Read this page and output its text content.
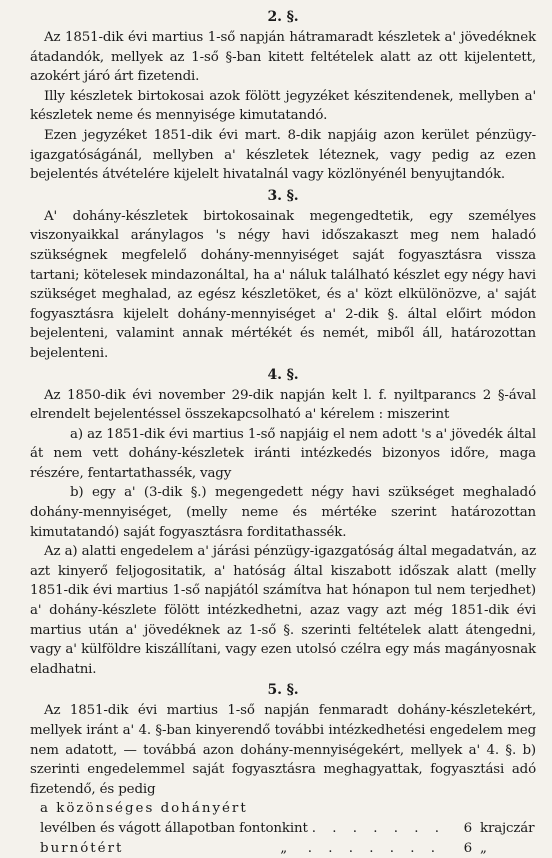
2. §.

Az 1851-dik évi martius 1-ső napján hátramaradt készletek a' jövedéknek átadandók, mellyek az 1-ső §-ban kitett feltételek alatt az ott kijelentett, azokért járó árt fizetendi.

Illy készletek birtokosai azok fölött jegyzéket készitendenek, mellyben a' készletek neme és mennyisége kimutatandó.

Ezen jegyzéket 1851-dik évi mart. 8-dik napjáig azon kerület pénzügy-igazgatóságánál, mellyben a' készletek léteznek, vagy pedig az ezen bejelentés átvételére kijelelt hivatalnál vagy közlönyénél benyujtandók.

3. §.

A' dohány-készletek birtokosainak megengedtetik, egy személyes viszonyaikkal aránylagos 's négy havi időszakaszt meg nem haladó szükségnek megfelelő dohány-mennyiséget saját fogyasztásra vissza tartani; kötelesek mindazonáltal, ha a' náluk található készlet egy négy havi szükséget meghalad, az egész készletöket, és a' közt elkülönözve, a' saját fogyasztásra kijelelt dohány-mennyiséget a' 2-dik §. által előirt módon bejelenteni, valamint annak mértékét és nemét, miből áll, határozottan bejelenteni.

4. §.

Az 1850-dik évi november 29-dik napján kelt l. f. nyiltparancs 2 §-ával elrendelt bejelentéssel összekapcsolható a' kérelem : miszerint

a) az 1851-dik évi martius 1-ső napjáig el nem adott 's a' jövedék által át nem vett dohány-készletek iránti intézkedés bizonyos időre, maga részére, fentartathassék, vagy

b) egy a' (3-dik §.) megengedett négy havi szükséget meghaladó dohány-mennyiséget, (melly neme és mértéke szerint határozottan kimutatandó) saját fogyasztásra forditathassék.

Az a) alatti engedelem a' járási pénzügy-igazgatóság által megadatván, az azt kinyerő feljogositatik, a' hatóság által kiszabott időszak alatt (melly 1851-dik évi martius 1-ső napjától számítva hat hónapon tul nem terjedhet) a' dohány-készlete fölött intézkedhetni, azaz vagy azt még 1851-dik évi martius után a' jövedéknek az 1-ső §. szerinti feltételek alatt átengedni, vagy a' külföldre kiszállítani, vagy ezen utolsó czélra egy más magányosnak eladhatni.

5. §.

Az 1851-dik évi martius 1-ső napján fenmaradt dohány-készletekért, mellyek iránt a' 4. §-ban kinyerendő további intézkedhetési engedelem meg nem adatott, — továbbá azon dohány-mennyiségekért, mellyek a' 4. §. b) szerinti engedelemmel saját fogyasztásra meghagyattak, fogyasztási adó fizetendő, és pedig

a közönséges dohányért
levélben és vágott állapotban fontonkint . . .	6 krajczár
burnótért	„ . . .	6 „
